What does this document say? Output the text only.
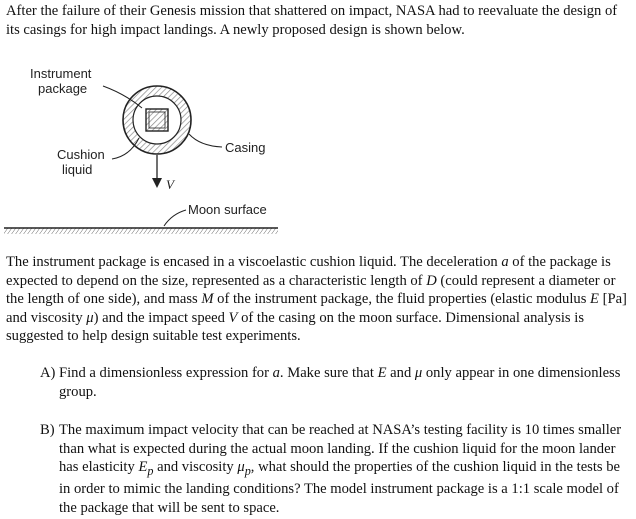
After the failure of their Genesis mission that shattered on impact, NASA had to reevaluate the design of its casings for high impact landings. A newly proposed design is shown below.

Instrument
package
Cushion
liquid
Casing
V
Moon surface

The instrument package is encased in a viscoelastic cushion liquid. The deceleration a of the package is expected to depend on the size, represented as a characteristic length of D (could represent a diameter or the length of one side), and mass M of the instrument package, the fluid properties (elastic modulus E [Pa] and viscosity μ) and the impact speed V of the casing on the moon surface. Dimensional analysis is suggested to help design suitable test experiments.

A) Find a dimensionless expression for a. Make sure that E and μ only appear in one dimensionless group.
B) The maximum impact velocity that can be reached at NASA’s testing facility is 10 times smaller than what is expected during the actual moon landing. If the cushion liquid for the moon lander has elasticity $E_p$ and viscosity $\mu_p$, what should the properties of the cushion liquid in the tests be in order to mimic the landing conditions? The model instrument package is a 1:1 scale model of the package that will be sent to space.
